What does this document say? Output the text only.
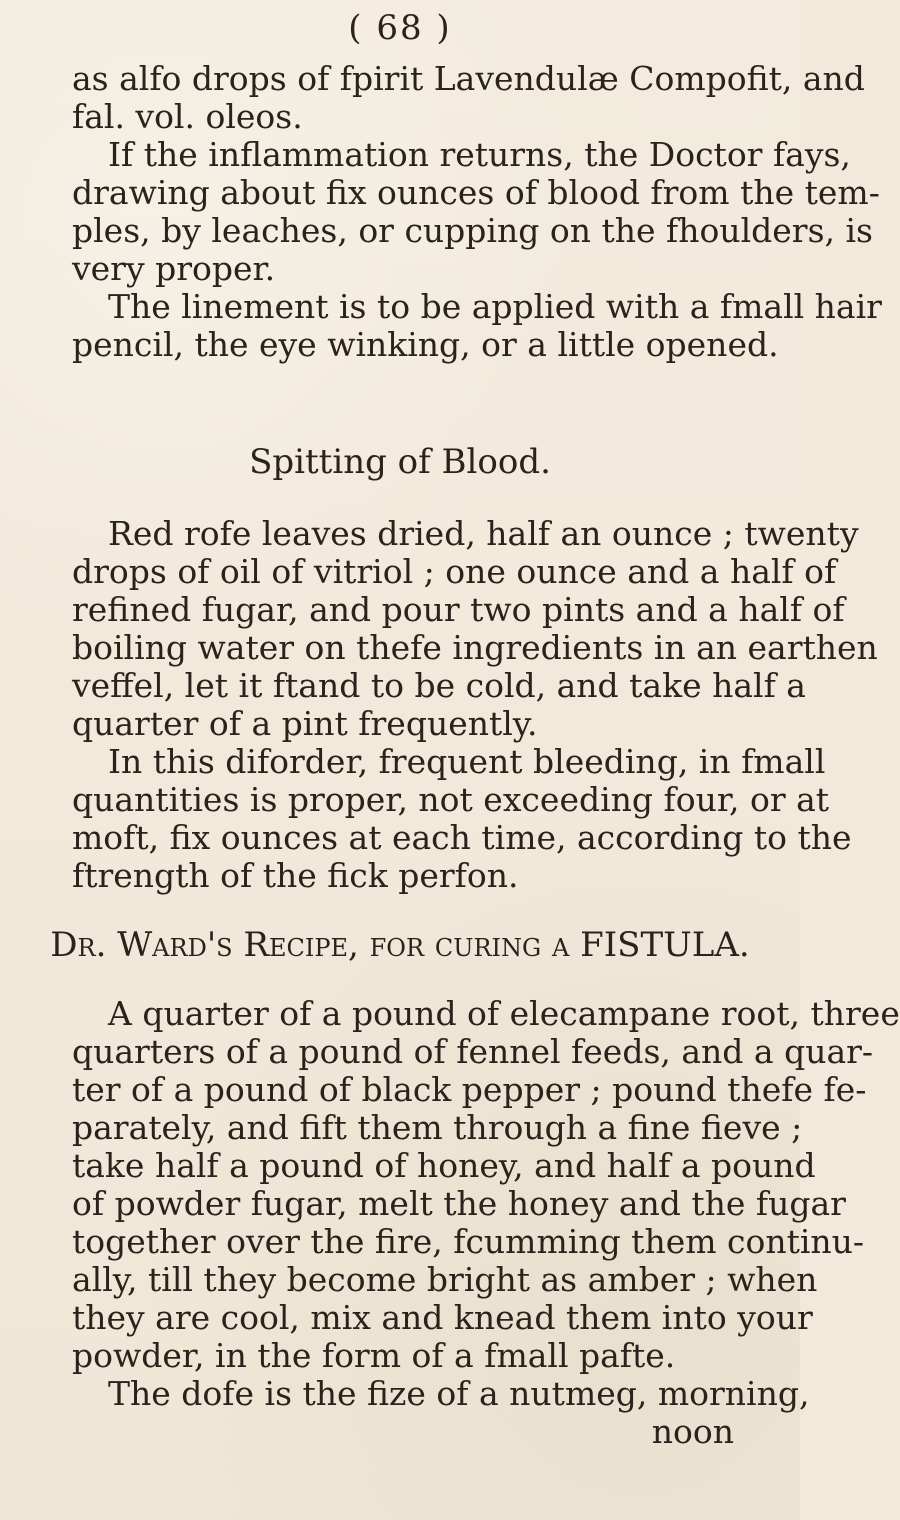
( 68 )
as alfo drops of fpirit Lavendulæ Compofit, and
fal. vol. oleos.
If the inflammation returns, the Doctor fays,
drawing about fix ounces of blood from the tem-
ples, by leaches, or cupping on the fhoulders, is
very proper.
The linement is to be applied with a fmall hair
pencil, the eye winking, or a little opened.
Spitting of Blood.
Red rofe leaves dried, half an ounce ; twenty
drops of oil of vitriol ; one ounce and a half of
refined fugar, and pour two pints and a half of
boiling water on thefe ingredients in an earthen
veffel, let it ftand to be cold, and take half a
quarter of a pint frequently.
In this diforder, frequent bleeding, in fmall
quantities is proper, not exceeding four, or at
moft, fix ounces at each time, according to the
ftrength of the fick perfon.
Dr. Ward's Recipe, for curing a FISTULA.
A quarter of a pound of elecampane root, three
quarters of a pound of fennel feeds, and a quar-
ter of a pound of black pepper ; pound thefe fe-
parately, and fift them through a fine fieve ;
take half a pound of honey, and half a pound
of powder fugar, melt the honey and the fugar
together over the fire, fcumming them continu-
ally, till they become bright as amber ; when
they are cool, mix and knead them into your
powder, in the form of a fmall pafte.
The dofe is the fize of a nutmeg, morning,
noon
